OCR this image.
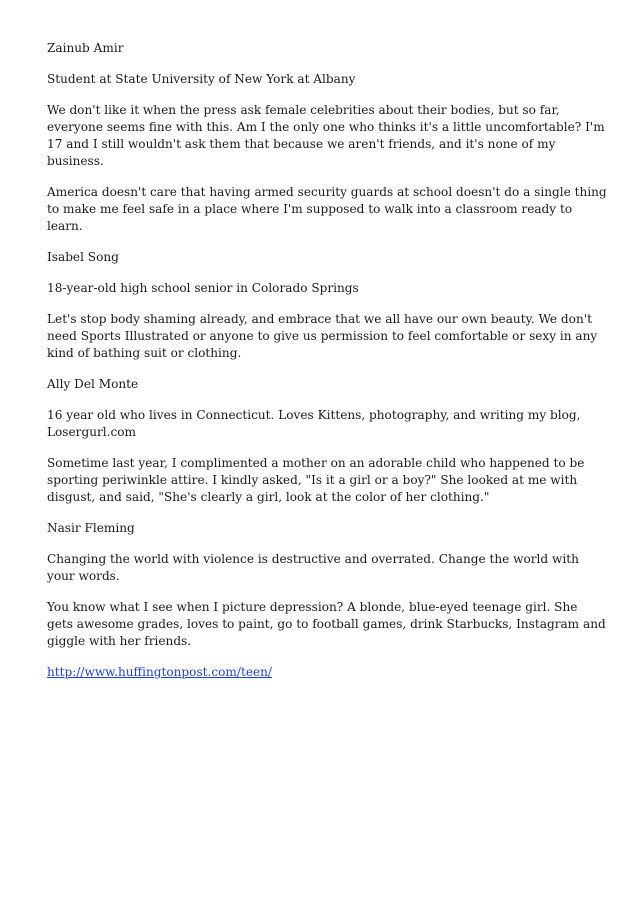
Zainub Amir

Student at State University of New York at Albany

We don't like it when the press ask female celebrities about their bodies, but so far, everyone seems fine with this. Am I the only one who thinks it's a little uncomfortable? I'm 17 and I still wouldn't ask them that because we aren't friends, and it's none of my business.

America doesn't care that having armed security guards at school doesn't do a single thing to make me feel safe in a place where I'm supposed to walk into a classroom ready to learn.

Isabel Song

18-year-old high school senior in Colorado Springs

Let's stop body shaming already, and embrace that we all have our own beauty. We don't need Sports Illustrated or anyone to give us permission to feel comfortable or sexy in any kind of bathing suit or clothing.

Ally Del Monte

16 year old who lives in Connecticut. Loves Kittens, photography, and writing my blog, Losergurl.com

Sometime last year, I complimented a mother on an adorable child who happened to be sporting periwinkle attire. I kindly asked, "Is it a girl or a boy?" She looked at me with disgust, and said, "She's clearly a girl, look at the color of her clothing."

Nasir Fleming

Changing the world with violence is destructive and overrated. Change the world with your words.

You know what I see when I picture depression? A blonde, blue-eyed teenage girl. She gets awesome grades, loves to paint, go to football games, drink Starbucks, Instagram and giggle with her friends.

http://www.huffingtonpost.com/teen/
